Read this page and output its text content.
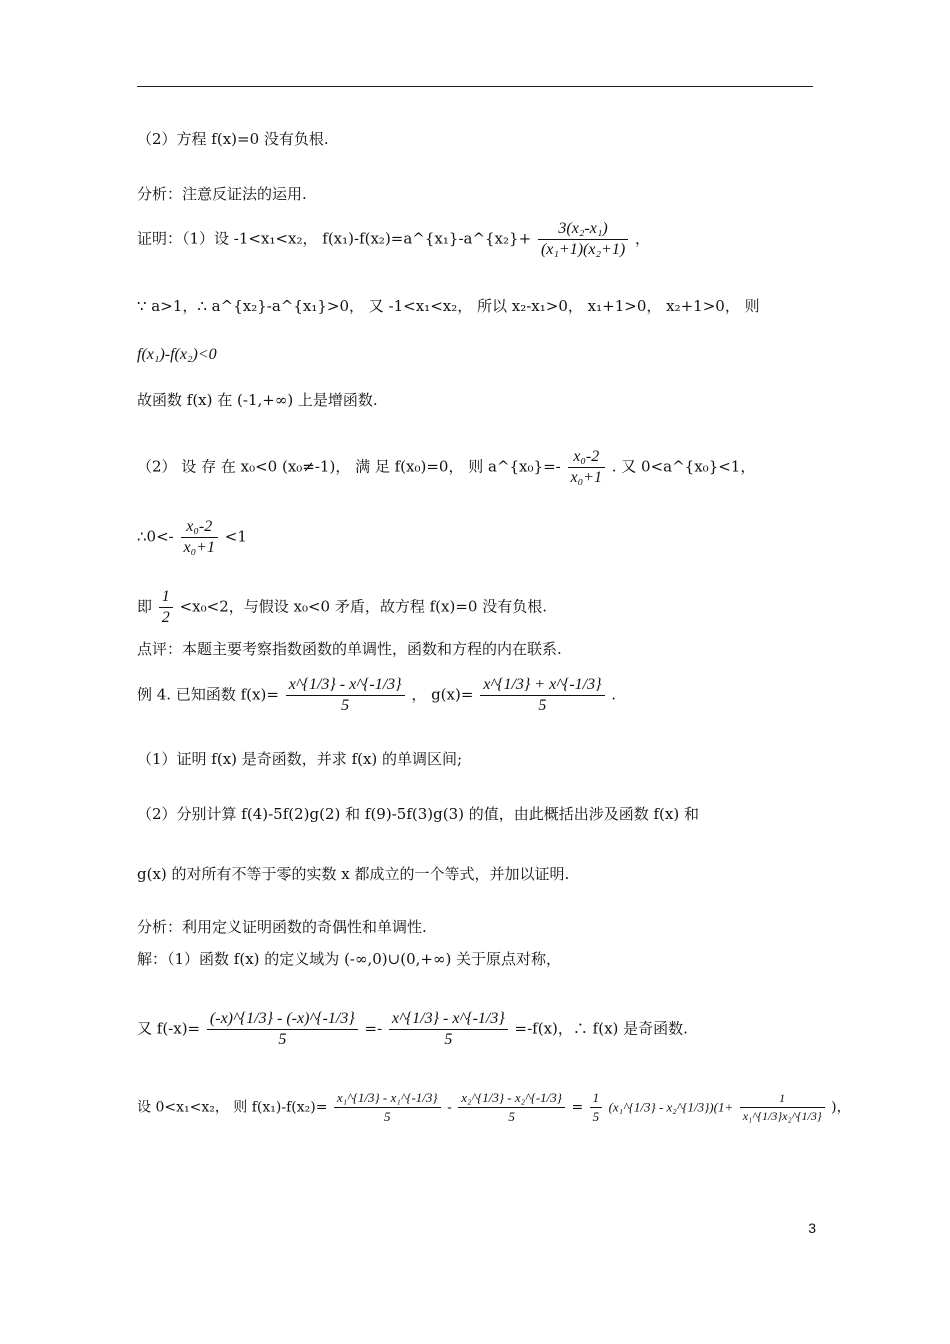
（2）方程 f(x)=0 没有负根.
分析：注意反证法的运用.
证明：（1）设 -1<x₁<x₂， f(x₁)-f(x₂)=a^{x₁}-a^{x₂}+ $\frac{\text{3(x₂-x₁)}}{\text{(x₁+1)(x₂+1)}}$ ，
∵ a>1，∴ a^{x₂}-a^{x₁}>0， 又 -1<x₁<x₂， 所以 x₂-x₁>0， x₁+1>0， x₂+1>0， 则
f(x₁)-f(x₂)<0
故函数 f(x) 在 (-1,+∞) 上是增函数.
（2） 设 存 在 x₀<0 (x₀≠-1)， 满 足 f(x₀)=0， 则 a^{x₀}=- $\frac{\text{x₀-2}}{\text{x₀+1}}$ . 又 0<a^{x₀}<1，
∴0<- $\frac{\text{x₀-2}}{\text{x₀+1}} <1$
即 $\frac{1}{2} <x_0<2$，与假设 x₀<0 矛盾，故方程 f(x)=0 没有负根.
点评：本题主要考察指数函数的单调性，函数和方程的内在联系.
例 4. 已知函数 $f(x)= \frac{x\^{}\{1/3\} - x\^{}\{-1/3\}}{5}$ ， $g(x)= \frac{x\^{}\{1/3\} + x\^{}\{-1/3\}}{5}$ .
（1）证明 f(x) 是奇函数，并求 f(x) 的单调区间;
（2）分别计算 f(4)-5f(2)g(2) 和 f(9)-5f(3)g(3) 的值，由此概括出涉及函数 f(x) 和
g(x) 的对所有不等于零的实数 x 都成立的一个等式，并加以证明.
分析：利用定义证明函数的奇偶性和单调性.
解：（1）函数 f(x) 的定义域为 (-∞,0)∪(0,+∞) 关于原点对称，
又 $f(-x)= \frac{(-x)\^{}\{1/3\} - (-x)\^{}\{-1/3\}}{5} =- \frac{x\^{}\{1/3\} - x\^{}\{-1/3\}}{5} =-f(x)$，∴ f(x) 是奇函数.
设 0<x₁<x₂， 则 $f(x_1)-f(x_2)= \frac{\text{x₁\textasciicircum{}\{1/3\} - x₁\textasciicircum{}\{-1/3\}}}{5} - \frac{\text{x₂\textasciicircum{}\{1/3\} - x₂\textasciicircum{}\{-1/3\}}}{5} = \frac{1}{5}$ (x₁^{1/3} - x₂^{1/3})(1+ $\frac{1}{\text{x₁\textasciicircum{}\{1/3\}x₂\textasciicircum{}\{1/3\}}}$ )，
3
